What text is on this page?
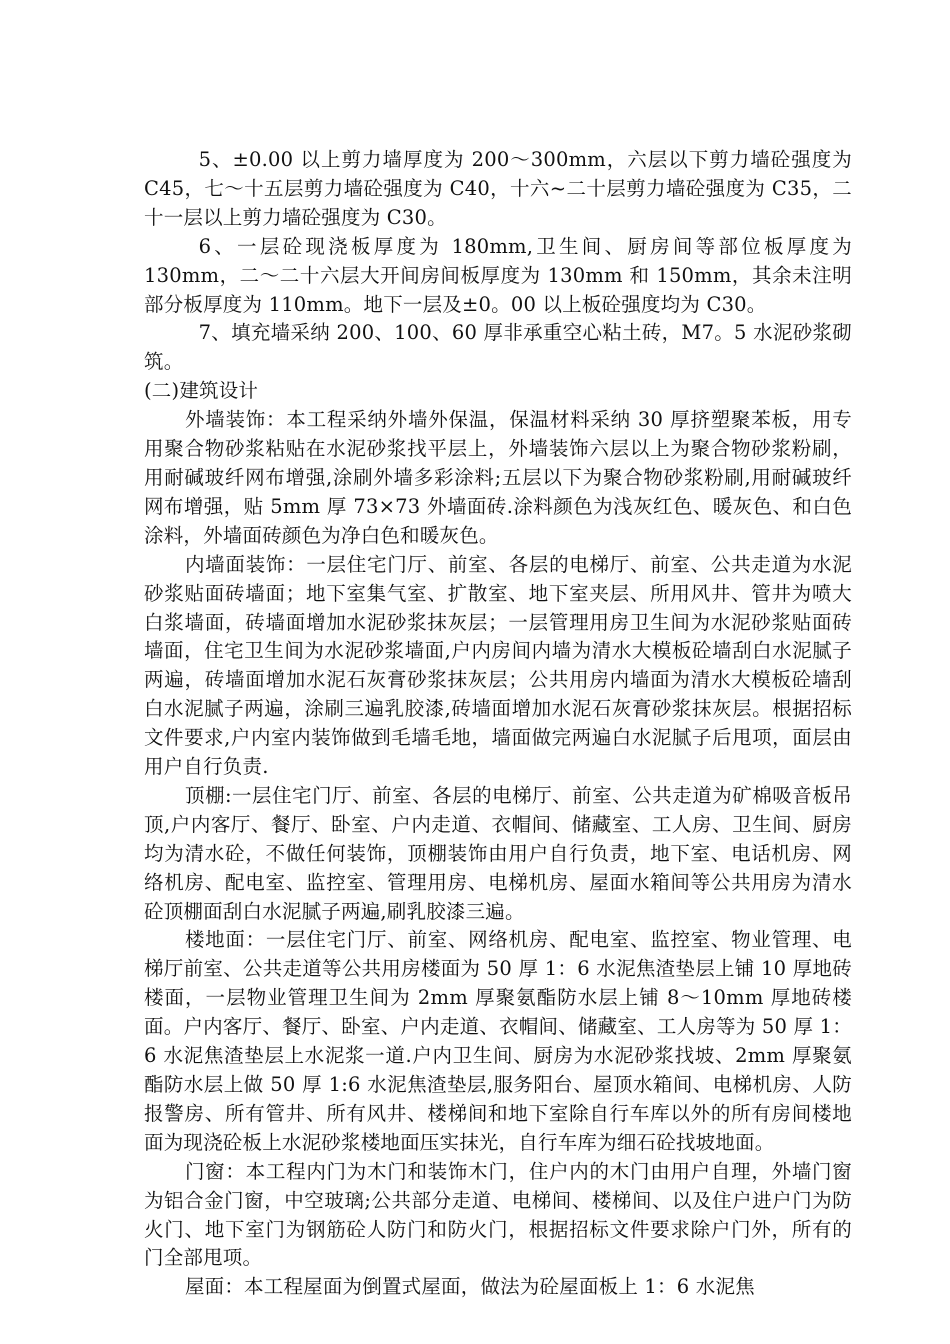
5、±0.00 以上剪力墙厚度为 200～300mm，六层以下剪力墙砼强度为 C45，七～十五层剪力墙砼强度为 C40，十六~二十层剪力墙砼强度为 C35，二十一层以上剪力墙砼强度为 C30。

6、一层砼现浇板厚度为 180mm,卫生间、厨房间等部位板厚度为 130mm，二～二十六层大开间房间板厚度为 130mm 和 150mm，其余未注明部分板厚度为 110mm。地下一层及±0。00 以上板砼强度均为 C30。

7、填充墙采纳 200、100、60 厚非承重空心粘土砖，M7。5 水泥砂浆砌筑。

(二)建筑设计

外墙装饰：本工程采纳外墙外保温，保温材料采纳 30 厚挤塑聚苯板，用专用聚合物砂浆粘贴在水泥砂浆找平层上，外墙装饰六层以上为聚合物砂浆粉刷，用耐碱玻纤网布增强,涂刷外墙多彩涂料;五层以下为聚合物砂浆粉刷,用耐碱玻纤网布增强，贴 5mm 厚 73×73 外墙面砖.涂料颜色为浅灰红色、暖灰色、和白色涂料，外墙面砖颜色为净白色和暖灰色。

内墙面装饰：一层住宅门厅、前室、各层的电梯厅、前室、公共走道为水泥砂浆贴面砖墙面；地下室集气室、扩散室、地下室夹层、所用风井、管井为喷大白浆墙面，砖墙面增加水泥砂浆抹灰层；一层管理用房卫生间为水泥砂浆贴面砖墙面，住宅卫生间为水泥砂浆墙面,户内房间内墙为清水大模板砼墙刮白水泥腻子两遍，砖墙面增加水泥石灰膏砂浆抹灰层；公共用房内墙面为清水大模板砼墙刮白水泥腻子两遍，涂刷三遍乳胶漆,砖墙面增加水泥石灰膏砂浆抹灰层。根据招标文件要求,户内室内装饰做到毛墙毛地，墙面做完两遍白水泥腻子后甩项，面层由用户自行负责.

顶棚:一层住宅门厅、前室、各层的电梯厅、前室、公共走道为矿棉吸音板吊顶,户内客厅、餐厅、卧室、户内走道、衣帽间、储藏室、工人房、卫生间、厨房均为清水砼，不做任何装饰，顶棚装饰由用户自行负责，地下室、电话机房、网络机房、配电室、监控室、管理用房、电梯机房、屋面水箱间等公共用房为清水砼顶棚面刮白水泥腻子两遍,刷乳胶漆三遍。

楼地面：一层住宅门厅、前室、网络机房、配电室、监控室、物业管理、电梯厅前室、公共走道等公共用房楼面为 50 厚 1：6 水泥焦渣垫层上铺 10 厚地砖楼面，一层物业管理卫生间为 2mm 厚聚氨酯防水层上铺 8～10mm 厚地砖楼面。户内客厅、餐厅、卧室、户内走道、衣帽间、储藏室、工人房等为 50 厚 1：6 水泥焦渣垫层上水泥浆一道.户内卫生间、厨房为水泥砂浆找坡、2mm 厚聚氨酯防水层上做 50 厚 1:6 水泥焦渣垫层,服务阳台、屋顶水箱间、电梯机房、人防报警房、所有管井、所有风井、楼梯间和地下室除自行车库以外的所有房间楼地面为现浇砼板上水泥砂浆楼地面压实抹光，自行车库为细石砼找坡地面。

门窗：本工程内门为木门和装饰木门，住户内的木门由用户自理，外墙门窗为铝合金门窗，中空玻璃;公共部分走道、电梯间、楼梯间、以及住户进户门为防火门、地下室门为钢筋砼人防门和防火门，根据招标文件要求除户门外，所有的门全部甩项。

屋面：本工程屋面为倒置式屋面，做法为砼屋面板上 1：6 水泥焦
